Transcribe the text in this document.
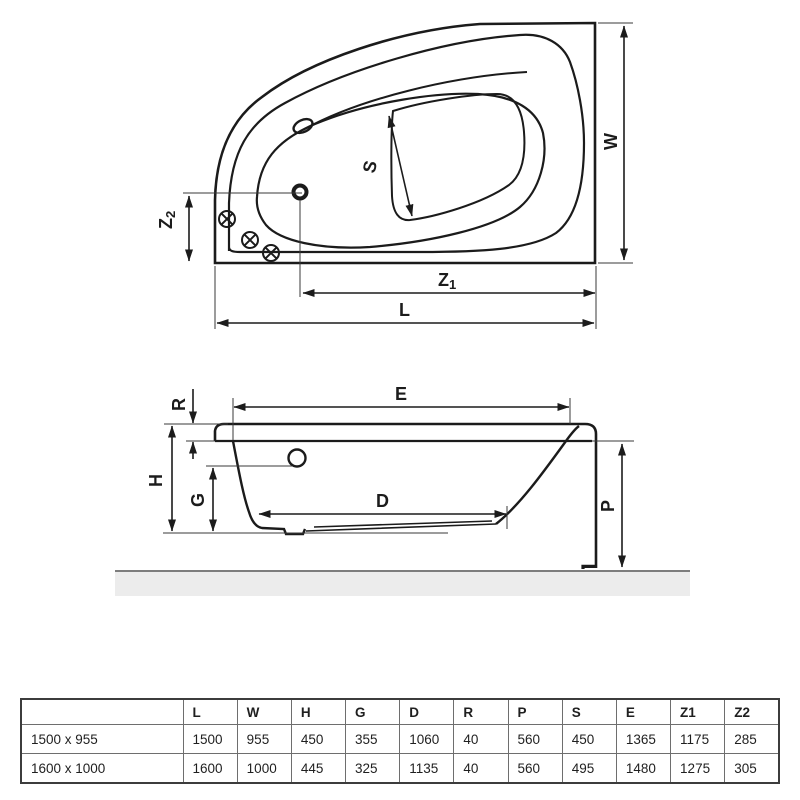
Z2
Z1
L
W
S
E
R
H
G	D	P
	L	W	H	G	D	R	P	S	E	Z1	Z2
1500 x 955	1500	955	450	355	1060	40	560	450	1365	1175	285
1600 x 1000	1600	1000	445	325	1135	40	560	495	1480	1275	305
